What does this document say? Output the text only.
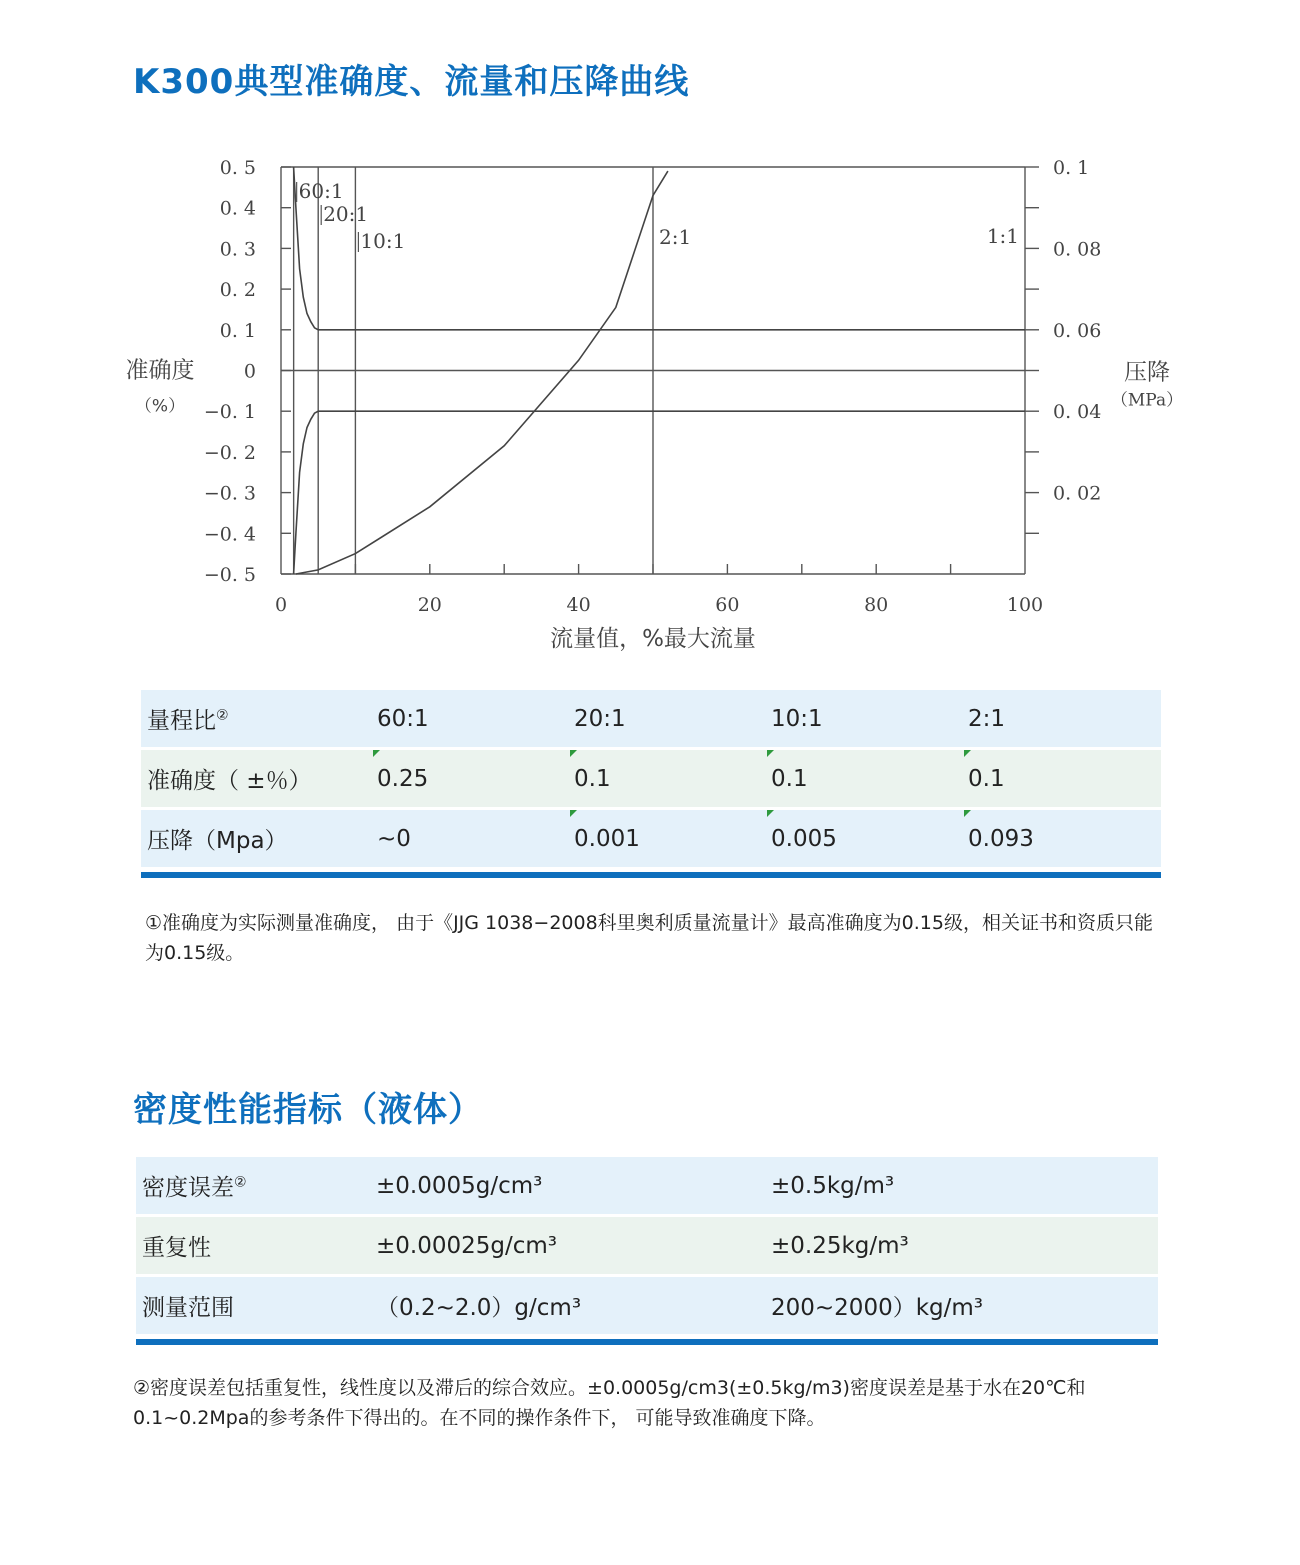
K300典型准确度、流量和压降曲线
0. 5
0. 4
0. 3
0. 2
0. 1
0
−0. 1
−0. 2
−0. 3
−0. 4
−0. 5
0. 1
0. 08
0. 06
0. 04
0. 02
0	20	40	60	80	100
60:1
20:1
10:1	2:1	1:1
流量值，%最大流量
准确度
（%）
压降
（MPa）
量程比②	60:1	20:1	10:1	2:1
准确度（ ±％）	0.25	0.1	0.1	0.1
压降（Mpa）	~0	0.001	0.005	0.093

①准确度为实际测量准确度， 由于《JJG 1038−2008科里奥利质量流量计》最高准确度为0.15级，相关证书和资质只能为0.15级。

密度性能指标（液体）
密度误差②	±0.0005g/cm³	±0.5kg/m³
重复性	±0.00025g/cm³	±0.25kg/m³
测量范围	（0.2~2.0）g/cm³	200~2000）kg/m³

②密度误差包括重复性，线性度以及滞后的综合效应。±0.0005g/cm3(±0.5kg/m3)密度误差是基于水在20℃和0.1~0.2Mpa的参考条件下得出的。在不同的操作条件下， 可能导致准确度下降。
